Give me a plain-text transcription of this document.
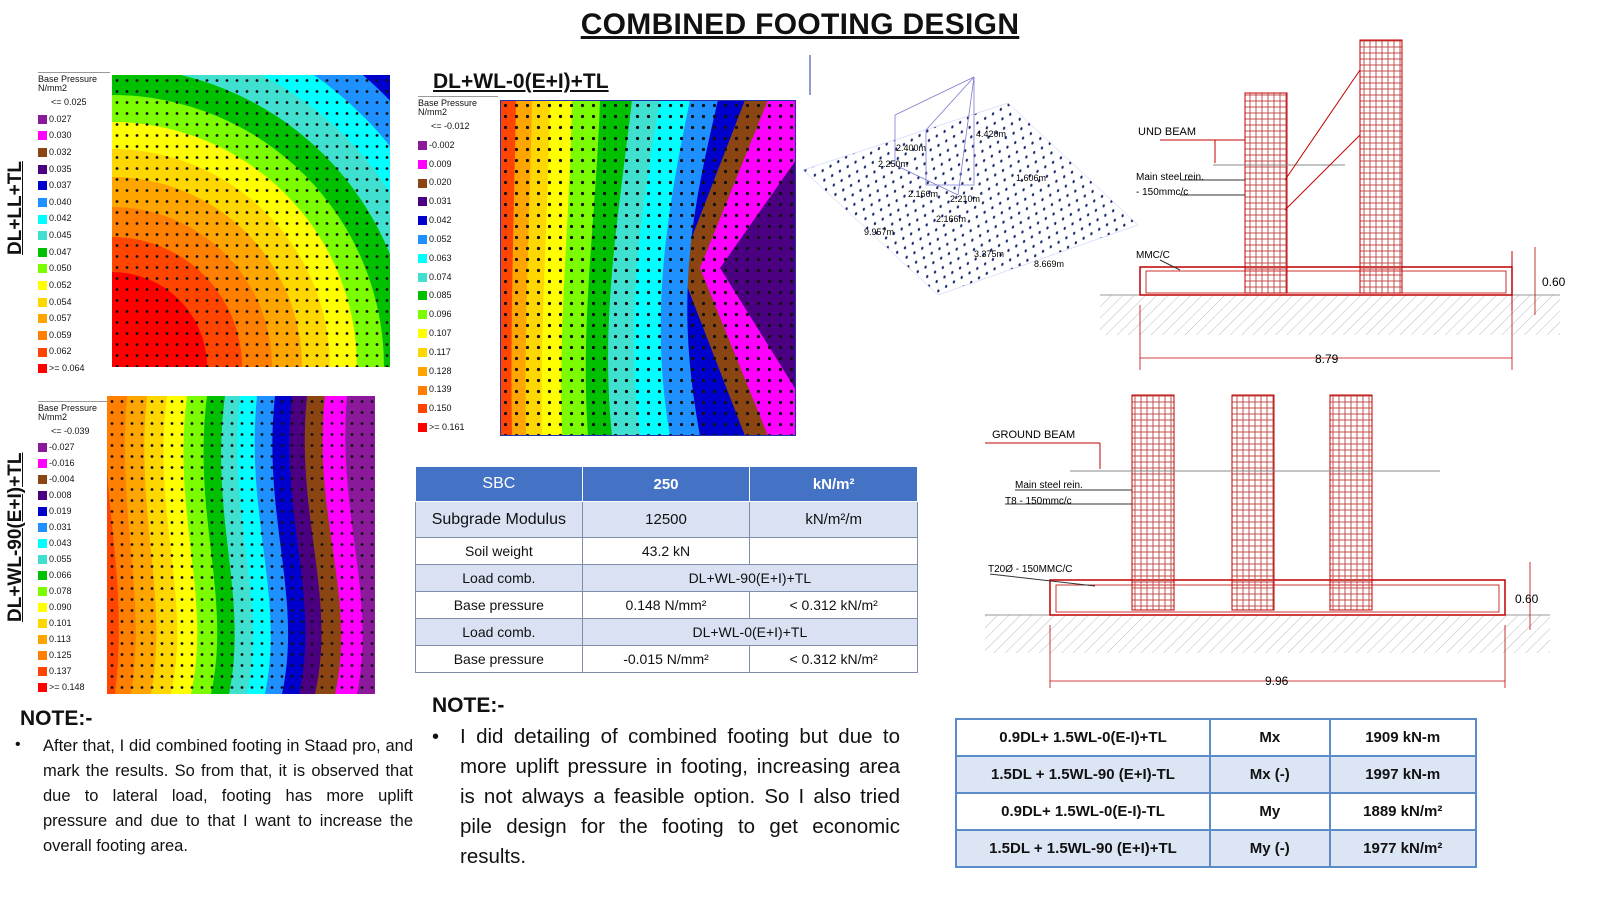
COMBINED FOOTING DESIGN
DL+LL+TL
Base Pressure
N/mm2
<= 0.025
0.027
0.030
0.032
0.035
0.037
0.040
0.042
0.045
0.047
0.050
0.052
0.054
0.057
0.059
0.062
>= 0.064
DL+WL-90(E+I)+TL
Base Pressure
N/mm2
<= -0.039
-0.027
-0.016
-0.004
0.008
0.019
0.031
0.043
0.055
0.066
0.078
0.090
0.101
0.113
0.125
0.137
>= 0.148
DL+WL-0(E+I)+TL
Base Pressure
N/mm2
<= -0.012
-0.002
0.009
0.020
0.031
0.042
0.052
0.063
0.074
0.085
0.096
0.107
0.117
0.128
0.139
0.150
>= 0.161
2.400m
4.420m
2.250m
1.606m
2.166m 2.210m
2.166m
9.957m
3.375m
8.669m
UND BEAM
Main steel rein.
- 150mmc/c
MMC/C
0.60
8.79
GROUND BEAM
Main steel rein.
T8 - 150mmc/c
T20Ø - 150MMC/C
0.60
9.96
SBC	250	kN/m²
Subgrade Modulus	12500	kN/m²/m
Soil weight	43.2 kN	
Load comb.	DL+WL-90(E+I)+TL	
Base pressure	0.148 N/mm²	< 0.312 kN/m²
Load comb.	DL+WL-0(E+I)+TL	
Base pressure	-0.015 N/mm²	< 0.312 kN/m²
0.9DL+ 1.5WL-0(E-I)+TL	Mx	1909 kN-m
1.5DL + 1.5WL-90 (E+I)-TL	Mx (-)	1997 kN-m
0.9DL+ 1.5WL-0(E-I)-TL	My	1889 kN/m²
1.5DL + 1.5WL-90 (E+I)+TL	My (-)	1977 kN/m²
NOTE:-
• After that, I did combined footing in Staad pro, and mark the results. So from that, it is observed that due to lateral load, footing has more uplift pressure and due to that I want to increase the overall footing area.
NOTE:-
• I did detailing of combined footing but due to more uplift pressure in footing, increasing area is not always a feasible option. So I also tried pile design for the footing to get economic results.
